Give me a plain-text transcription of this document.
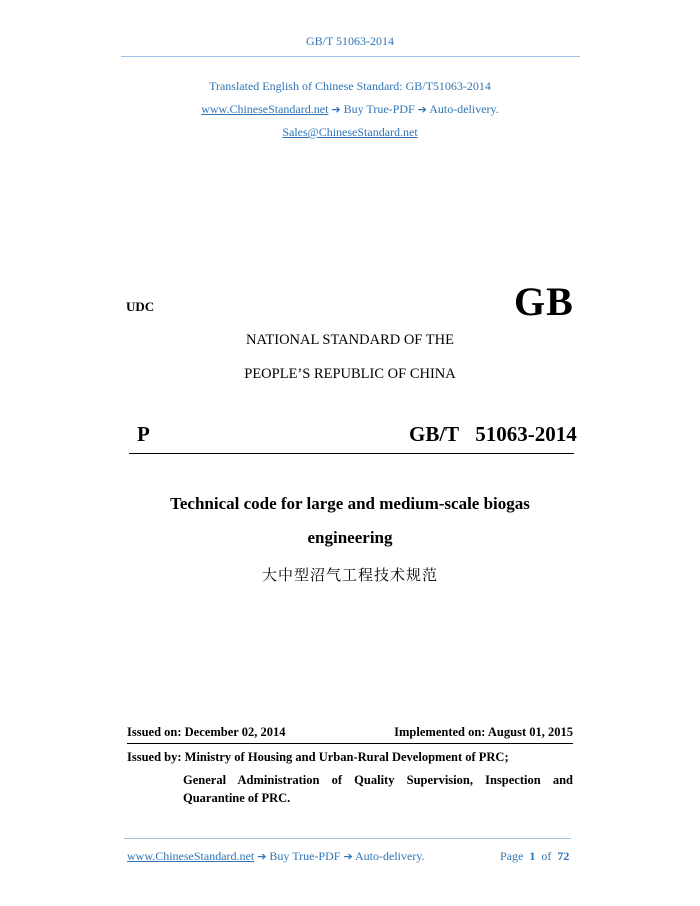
GB/T 51063-2014
Translated English of Chinese Standard: GB/T51063-2014
www.ChineseStandard.net ➔ Buy True-PDF ➔ Auto-delivery.
Sales@ChineseStandard.net
UDC	GB
NATIONAL STANDARD OF THE
PEOPLE’S REPUBLIC OF CHINA
P	GB/T  51063-2014
Technical code for large and medium-scale biogas
engineering
大中型沼气工程技术规范
Issued on: December 02, 2014	Implemented on: August 01, 2015
Issued by: Ministry of Housing and Urban-Rural Development of PRC;
General Administration of Quality Supervision, Inspection and Quarantine of PRC.
www.ChineseStandard.net ➔ Buy True-PDF ➔ Auto-delivery.	Page 1 of 72
